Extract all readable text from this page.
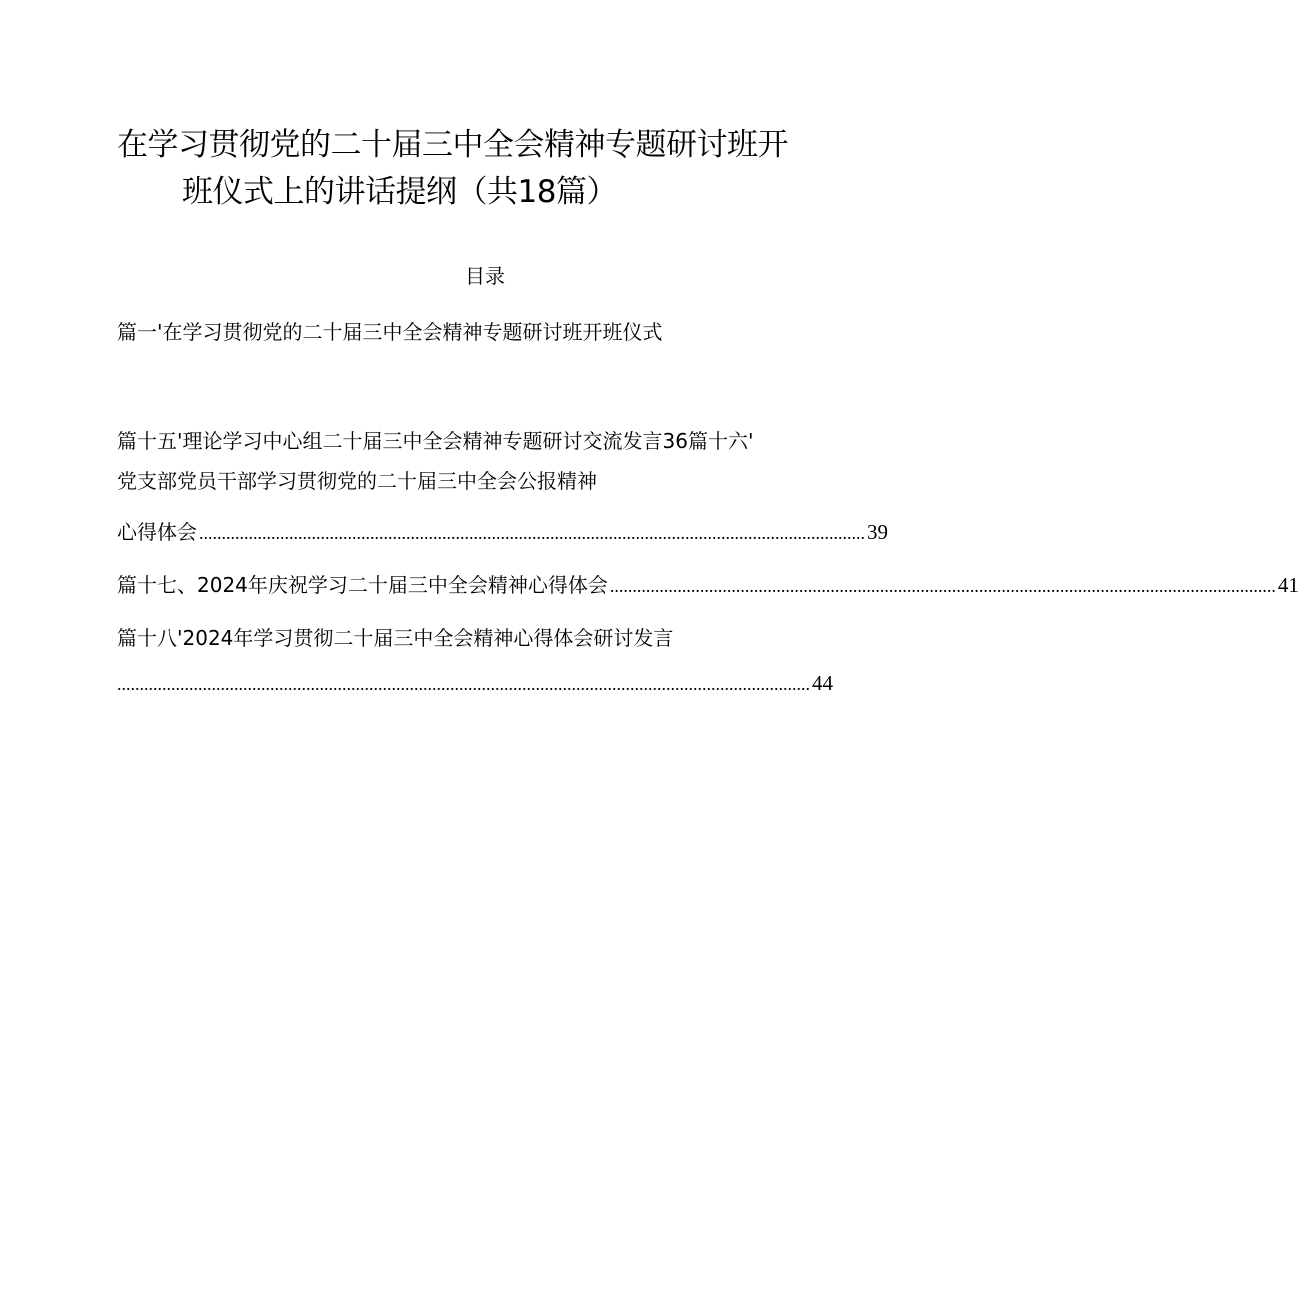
在学习贯彻党的二十届三中全会精神专题研讨班开
班仪式上的讲话提纲（共18篇）
目录
篇一'在学习贯彻党的二十届三中全会精神专题研讨班开班仪式
篇十五'理论学习中心组二十届三中全会精神专题研讨交流发言36篇十六'
党支部党员干部学习贯彻党的二十届三中全会公报精神
心得体会 .................................................................................................................................................... 39
篇十七、2024年庆祝学习二十届三中全会精神心得体会 .................................................................................................................................................... 41
篇十八'2024年学习贯彻二十届三中全会精神心得体会研讨发言
.......................................................................................................................................................... 44
